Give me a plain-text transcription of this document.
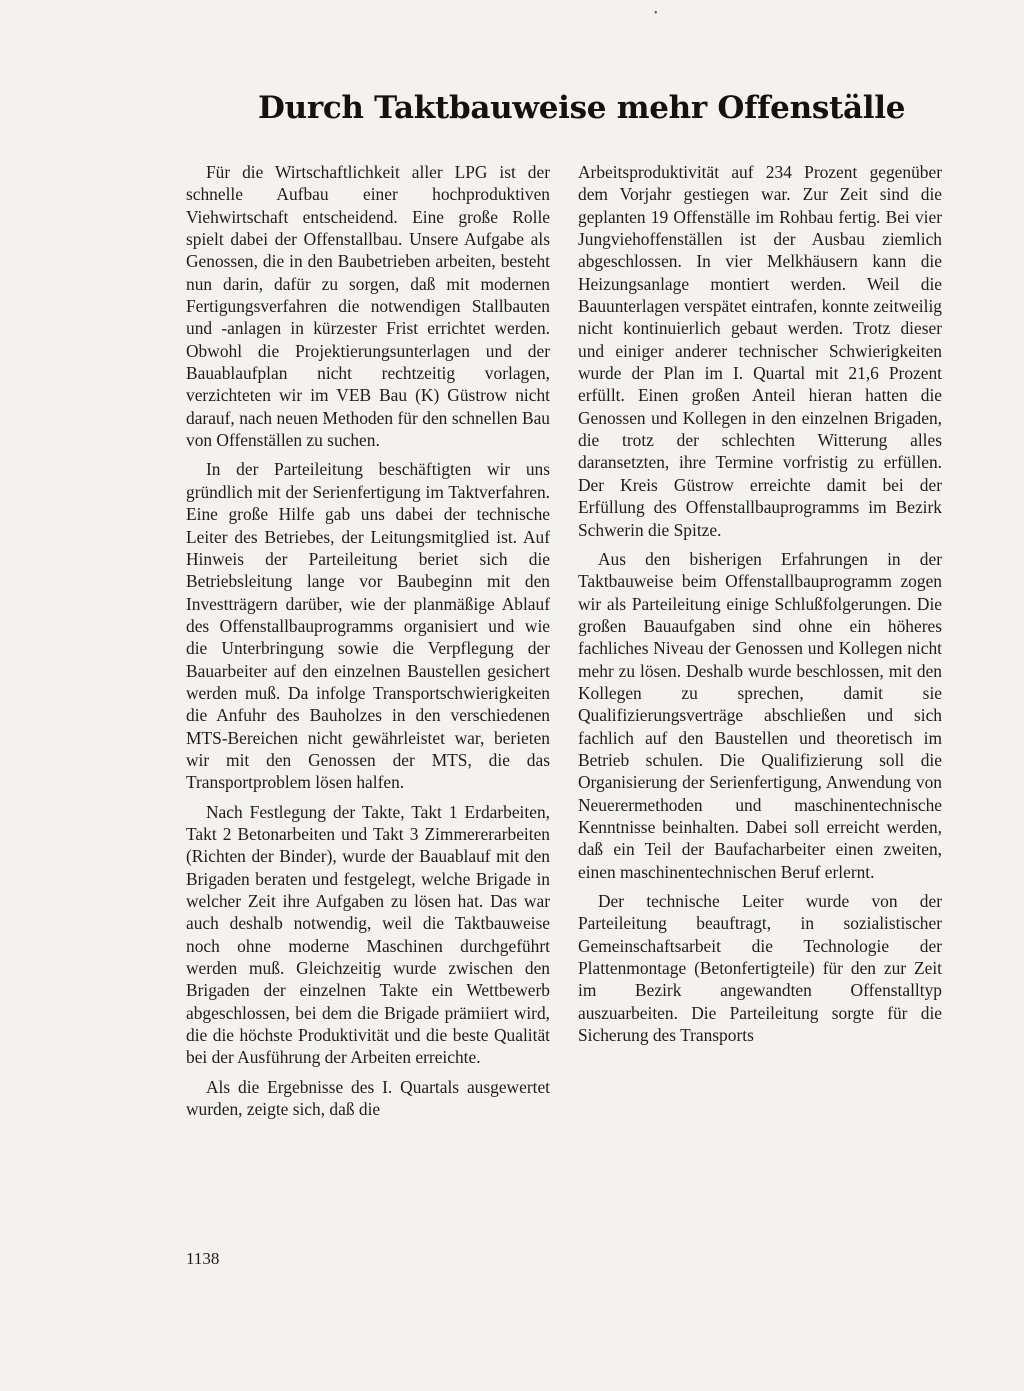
•
Durch Taktbauweise mehr Offenställe

Für die Wirtschaftlichkeit aller LPG ist der schnelle Aufbau einer hochproduktiven Viehwirtschaft entscheidend. Eine große Rolle spielt dabei der Offenstallbau. Unsere Aufgabe als Genossen, die in den Baubetrieben arbeiten, besteht nun darin, dafür zu sorgen, daß mit modernen Fertigungsverfahren die notwendigen Stallbauten und -anlagen in kürzester Frist errichtet werden. Obwohl die Projektierungsunterlagen und der Bauablaufplan nicht rechtzeitig vorlagen, verzichteten wir im VEB Bau (K) Güstrow nicht darauf, nach neuen Methoden für den schnellen Bau von Offenställen zu suchen.

In der Parteileitung beschäftigten wir uns gründlich mit der Serienfertigung im Taktverfahren. Eine große Hilfe gab uns dabei der technische Leiter des Betriebes, der Leitungsmitglied ist. Auf Hinweis der Parteileitung beriet sich die Betriebsleitung lange vor Baubeginn mit den Investträgern darüber, wie der planmäßige Ablauf des Offenstallbauprogramms organisiert und wie die Unterbringung sowie die Verpflegung der Bauarbeiter auf den einzelnen Baustellen gesichert werden muß. Da infolge Transportschwierigkeiten die Anfuhr des Bauholzes in den verschiedenen MTS-Bereichen nicht gewährleistet war, berieten wir mit den Genossen der MTS, die das Transportproblem lösen halfen.

Nach Festlegung der Takte, Takt 1 Erdarbeiten, Takt 2 Betonarbeiten und Takt 3 Zimmererarbeiten (Richten der Binder), wurde der Bauablauf mit den Brigaden beraten und festgelegt, welche Brigade in welcher Zeit ihre Aufgaben zu lösen hat. Das war auch deshalb notwendig, weil die Taktbauweise noch ohne moderne Maschinen durchgeführt werden muß. Gleichzeitig wurde zwischen den Brigaden der einzelnen Takte ein Wettbewerb abgeschlossen, bei dem die Brigade prämiiert wird, die die höchste Produktivität und die beste Qualität bei der Ausführung der Arbeiten erreichte.

Als die Ergebnisse des I. Quartals ausgewertet wurden, zeigte sich, daß die

Arbeitsproduktivität auf 234 Prozent gegenüber dem Vorjahr gestiegen war. Zur Zeit sind die geplanten 19 Offenställe im Rohbau fertig. Bei vier Jungviehoffenställen ist der Ausbau ziemlich abgeschlossen. In vier Melkhäusern kann die Heizungsanlage montiert werden. Weil die Bauunterlagen verspätet eintrafen, konnte zeitweilig nicht kontinuierlich gebaut werden. Trotz dieser und einiger anderer technischer Schwierigkeiten wurde der Plan im I. Quartal mit 21,6 Prozent erfüllt. Einen großen Anteil hieran hatten die Genossen und Kollegen in den einzelnen Brigaden, die trotz der schlechten Witterung alles daransetzten, ihre Termine vorfristig zu erfüllen. Der Kreis Güstrow erreichte damit bei der Erfüllung des Offenstallbauprogramms im Bezirk Schwerin die Spitze.

Aus den bisherigen Erfahrungen in der Taktbauweise beim Offenstallbauprogramm zogen wir als Parteileitung einige Schlußfolgerungen. Die großen Bauaufgaben sind ohne ein höheres fachliches Niveau der Genossen und Kollegen nicht mehr zu lösen. Deshalb wurde beschlossen, mit den Kollegen zu sprechen, damit sie Qualifizierungsverträge abschließen und sich fachlich auf den Baustellen und theoretisch im Betrieb schulen. Die Qualifizierung soll die Organisierung der Serienfertigung, Anwendung von Neuerermethoden und maschinentechnische Kenntnisse beinhalten. Dabei soll erreicht werden, daß ein Teil der Baufacharbeiter einen zweiten, einen maschinentechnischen Beruf erlernt.

Der technische Leiter wurde von der Parteileitung beauftragt, in sozialistischer Gemeinschaftsarbeit die Technologie der Plattenmontage (Betonfertigteile) für den zur Zeit im Bezirk angewandten Offenstalltyp auszuarbeiten. Die Parteileitung sorgte für die Sicherung des Transports

1138
